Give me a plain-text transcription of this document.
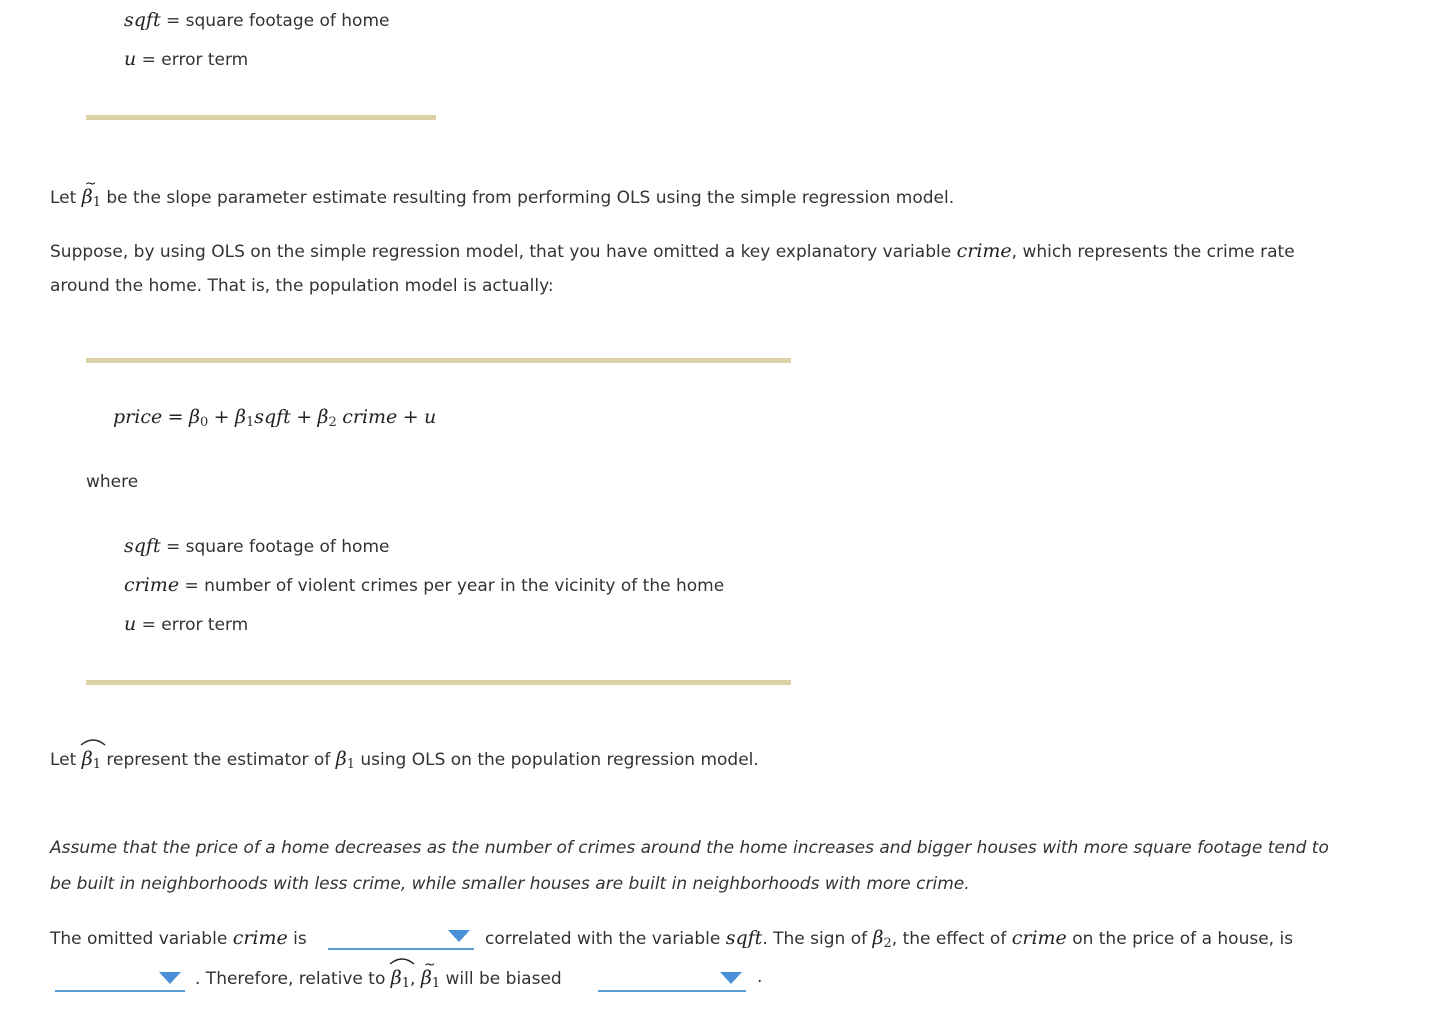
sqft = square footage of home
u = error term
Let
~
$\beta_1$ be the slope parameter estimate resulting from performing OLS using the simple regression model.
Suppose, by using OLS on the simple regression model, that you have omitted a key explanatory variable crime, which represents the crime rate
around the home. That is, the population model is actually:
price = $\beta_0$ + $\beta_1sqft + \beta_2$ crime + u
where
sqft = square footage of home
crime = number of violent crimes per year in the vicinity of the home
u = error term
Let $\beta_1$ represent the estimator of $\beta_1$ using OLS on the population regression model.
Assume that the price of a home decreases as the number of crimes around the home increases and bigger houses with more square footage tend to
be built in neighborhoods with less crime, while smaller houses are built in neighborhoods with more crime.
The omitted variable crime is	correlated with the variable sqft. The sign of $\beta_2$, the effect of crime on the price of a house, is
. Therefore, relative to $\beta_1$,
~
$\beta_1$ will be biased	.
